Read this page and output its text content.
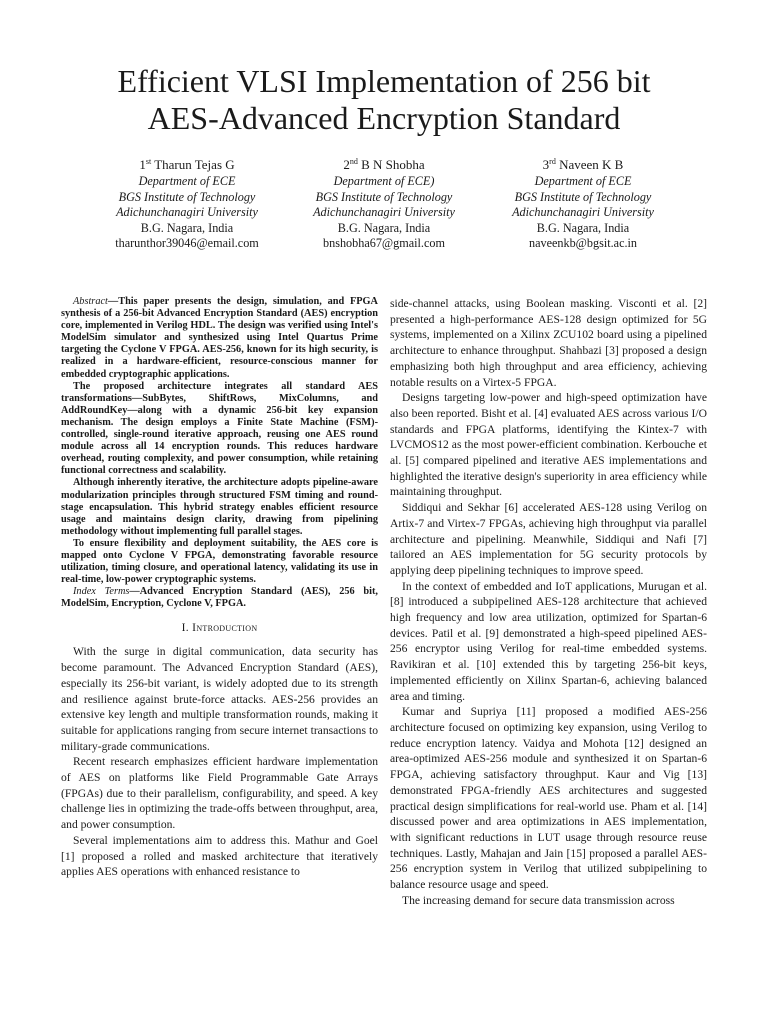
Efficient VLSI Implementation of 256 bit
AES-Advanced Encryption Standard
1st Tharun Tejas G
Department of ECE
BGS Institute of Technology
Adichunchanagiri University
B.G. Nagara, India
tharunthor39046@email.com
2nd B N Shobha
Department of ECE)
BGS Institute of Technology
Adichunchanagiri University
B.G. Nagara, India
bnshobha67@gmail.com
3rd Naveen K B
Department of ECE
BGS Institute of Technology
Adichunchanagiri University
B.G. Nagara, India
naveenkb@bgsit.ac.in

Abstract—This paper presents the design, simulation, and FPGA synthesis of a 256-bit Advanced Encryption Standard (AES) encryption core, implemented in Verilog HDL. The design was verified using Intel's ModelSim simulator and synthesized using Intel Quartus Prime targeting the Cyclone V FPGA. AES-256, known for its high security, is realized in a hardware-efficient, resource-conscious manner for embedded cryptographic applications.

The proposed architecture integrates all standard AES transformations—SubBytes, ShiftRows, MixColumns, and AddRoundKey—along with a dynamic 256-bit key expansion mechanism. The design employs a Finite State Machine (FSM)-controlled, single-round iterative approach, reusing one AES round module across all 14 encryption rounds. This reduces hardware overhead, routing complexity, and power consumption, while retaining functional correctness and scalability.

Although inherently iterative, the architecture adopts pipeline-aware modularization principles through structured FSM timing and round-stage encapsulation. This hybrid strategy enables efficient resource usage and maintains design clarity, drawing from pipelining methodology without implementing full parallel stages.

To ensure flexibility and deployment suitability, the AES core is mapped onto Cyclone V FPGA, demonstrating favorable resource utilization, timing closure, and operational latency, validating its use in real-time, low-power cryptographic systems.

Index Terms—Advanced Encryption Standard (AES), 256 bit, ModelSim, Encryption, Cyclone V, FPGA.

I. Introduction

With the surge in digital communication, data security has become paramount. The Advanced Encryption Standard (AES), especially its 256-bit variant, is widely adopted due to its strength and resilience against brute-force attacks. AES-256 provides an extensive key length and multiple transformation rounds, making it suitable for applications ranging from secure internet transactions to military-grade communications.

Recent research emphasizes efficient hardware implementation of AES on platforms like Field Programmable Gate Arrays (FPGAs) due to their parallelism, configurability, and speed. A key challenge lies in optimizing the trade-offs between throughput, area, and power consumption.

Several implementations aim to address this. Mathur and Goel [1] proposed a rolled and masked architecture that iteratively applies AES operations with enhanced resistance to

side-channel attacks, using Boolean masking. Visconti et al. [2] presented a high-performance AES-128 design optimized for 5G systems, implemented on a Xilinx ZCU102 board using a pipelined architecture to enhance throughput. Shahbazi [3] proposed a design emphasizing both high throughput and area efficiency, achieving notable results on a Virtex-5 FPGA.

Designs targeting low-power and high-speed optimization have also been reported. Bisht et al. [4] evaluated AES across various I/O standards and FPGA platforms, identifying the Kintex-7 with LVCMOS12 as the most power-efficient combination. Kerbouche et al. [5] compared pipelined and iterative AES implementations and highlighted the iterative design's superiority in area efficiency while maintaining throughput.

Siddiqui and Sekhar [6] accelerated AES-128 using Verilog on Artix-7 and Virtex-7 FPGAs, achieving high throughput via parallel architecture and pipelining. Meanwhile, Siddiqui and Nafi [7] tailored an AES implementation for 5G security protocols by applying deep pipelining techniques to improve speed.

In the context of embedded and IoT applications, Murugan et al. [8] introduced a subpipelined AES-128 architecture that achieved high frequency and low area utilization, optimized for Spartan-6 devices. Patil et al. [9] demonstrated a high-speed pipelined AES-256 encryptor using Verilog for real-time embedded systems. Ravikiran et al. [10] extended this by targeting 256-bit keys, implemented efficiently on Xilinx Spartan-6, achieving balanced area and timing.

Kumar and Supriya [11] proposed a modified AES-256 architecture focused on optimizing key expansion, using Verilog to reduce encryption latency. Vaidya and Mohota [12] designed an area-optimized AES-256 module and synthesized it on Spartan-6 FPGA, achieving satisfactory throughput. Kaur and Vig [13] demonstrated FPGA-friendly AES architectures and suggested practical design simplifications for real-world use. Pham et al. [14] discussed power and area optimizations in AES implementation, with significant reductions in LUT usage through resource reuse techniques. Lastly, Mahajan and Jain [15] proposed a parallel AES-256 encryption system in Verilog that utilized subpipelining to balance resource usage and speed.

The increasing demand for secure data transmission across
